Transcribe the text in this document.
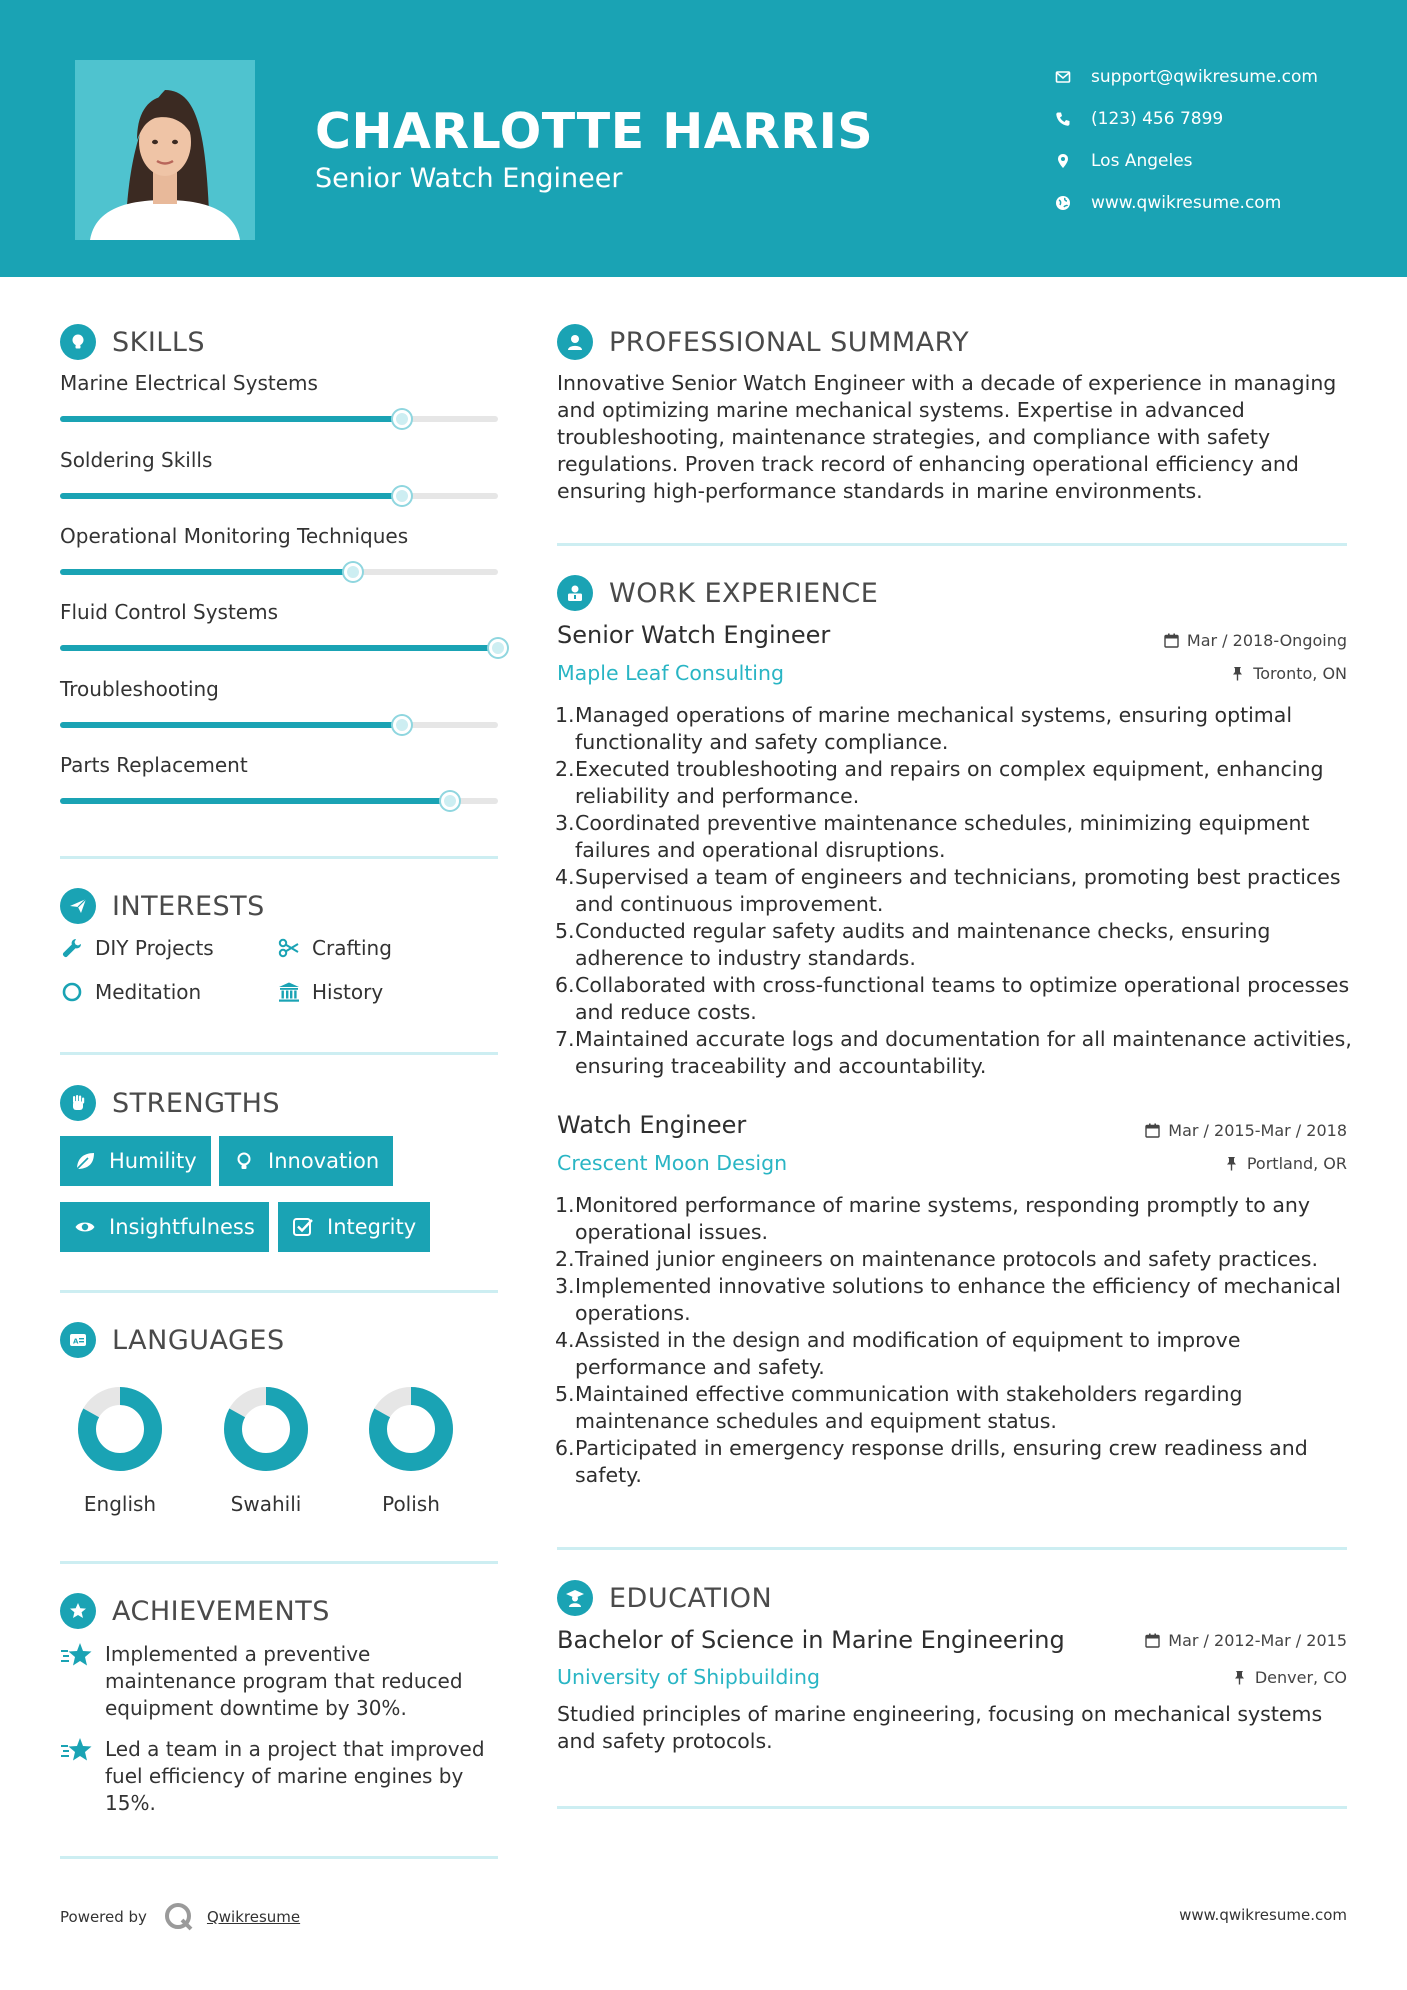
CHARLOTTE HARRIS
Senior Watch Engineer
support@qwikresume.com
(123) 456 7899
Los Angeles
www.qwikresume.com
SKILLS
Marine Electrical Systems
Soldering Skills
Operational Monitoring Techniques
Fluid Control Systems
Troubleshooting
Parts Replacement
INTERESTS
DIY Projects	Crafting
Meditation	History
STRENGTHS
Humility	Innovation
Insightfulness	Integrity
A LANGUAGES
English	Swahili	Polish
ACHIEVEMENTS
Implemented a preventive maintenance program that reduced equipment downtime by 30%.
Led a team in a project that improved fuel efficiency of marine engines by 15%.
PROFESSIONAL SUMMARY
Innovative Senior Watch Engineer with a decade of experience in managing and optimizing marine mechanical systems. Expertise in advanced troubleshooting, maintenance strategies, and compliance with safety regulations. Proven track record of enhancing operational efficiency and ensuring high-performance standards in marine environments.
WORK EXPERIENCE
Senior Watch Engineer	Mar / 2018-Ongoing
Maple Leaf Consulting	Toronto, ON
1. Managed operations of marine mechanical systems, ensuring optimal functionality and safety compliance.
2. Executed troubleshooting and repairs on complex equipment, enhancing reliability and performance.
3. Coordinated preventive maintenance schedules, minimizing equipment failures and operational disruptions.
4. Supervised a team of engineers and technicians, promoting best practices and continuous improvement.
5. Conducted regular safety audits and maintenance checks, ensuring adherence to industry standards.
6. Collaborated with cross-functional teams to optimize operational processes and reduce costs.
7. Maintained accurate logs and documentation for all maintenance activities, ensuring traceability and accountability.
Watch Engineer	Mar / 2015-Mar / 2018
Crescent Moon Design	Portland, OR
1. Monitored performance of marine systems, responding promptly to any operational issues.
2. Trained junior engineers on maintenance protocols and safety practices.
3. Implemented innovative solutions to enhance the efficiency of mechanical operations.
4. Assisted in the design and modification of equipment to improve performance and safety.
5. Maintained effective communication with stakeholders regarding maintenance schedules and equipment status.
6. Participated in emergency response drills, ensuring crew readiness and safety.
EDUCATION
Bachelor of Science in Marine Engineering	Mar / 2012-Mar / 2015
University of Shipbuilding	Denver, CO
Studied principles of marine engineering, focusing on mechanical systems and safety protocols.
Powered by	Qwikresume	www.qwikresume.com
